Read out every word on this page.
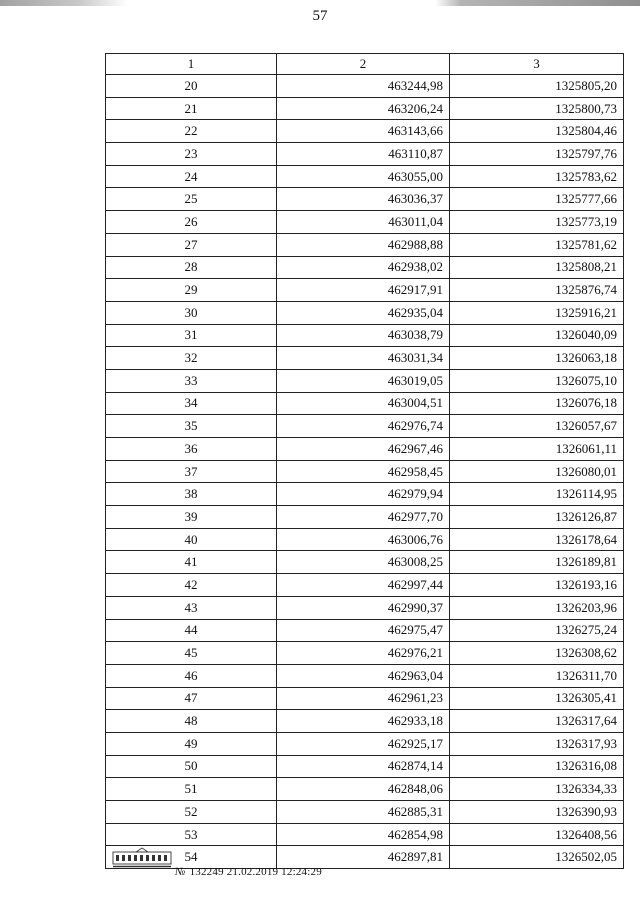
57
1	2	3
20	463244,98	1325805,20
21	463206,24	1325800,73
22	463143,66	1325804,46
23	463110,87	1325797,76
24	463055,00	1325783,62
25	463036,37	1325777,66
26	463011,04	1325773,19
27	462988,88	1325781,62
28	462938,02	1325808,21
29	462917,91	1325876,74
30	462935,04	1325916,21
31	463038,79	1326040,09
32	463031,34	1326063,18
33	463019,05	1326075,10
34	463004,51	1326076,18
35	462976,74	1326057,67
36	462967,46	1326061,11
37	462958,45	1326080,01
38	462979,94	1326114,95
39	462977,70	1326126,87
40	463006,76	1326178,64
41	463008,25	1326189,81
42	462997,44	1326193,16
43	462990,37	1326203,96
44	462975,47	1326275,24
45	462976,21	1326308,62
46	462963,04	1326311,70
47	462961,23	1326305,41
48	462933,18	1326317,64
49	462925,17	1326317,93
50	462874,14	1326316,08
51	462848,06	1326334,33
52	462885,31	1326390,93
53	462854,98	1326408,56
54	462897,81	1326502,05
№ 132249 21.02.2019 12:24:29
